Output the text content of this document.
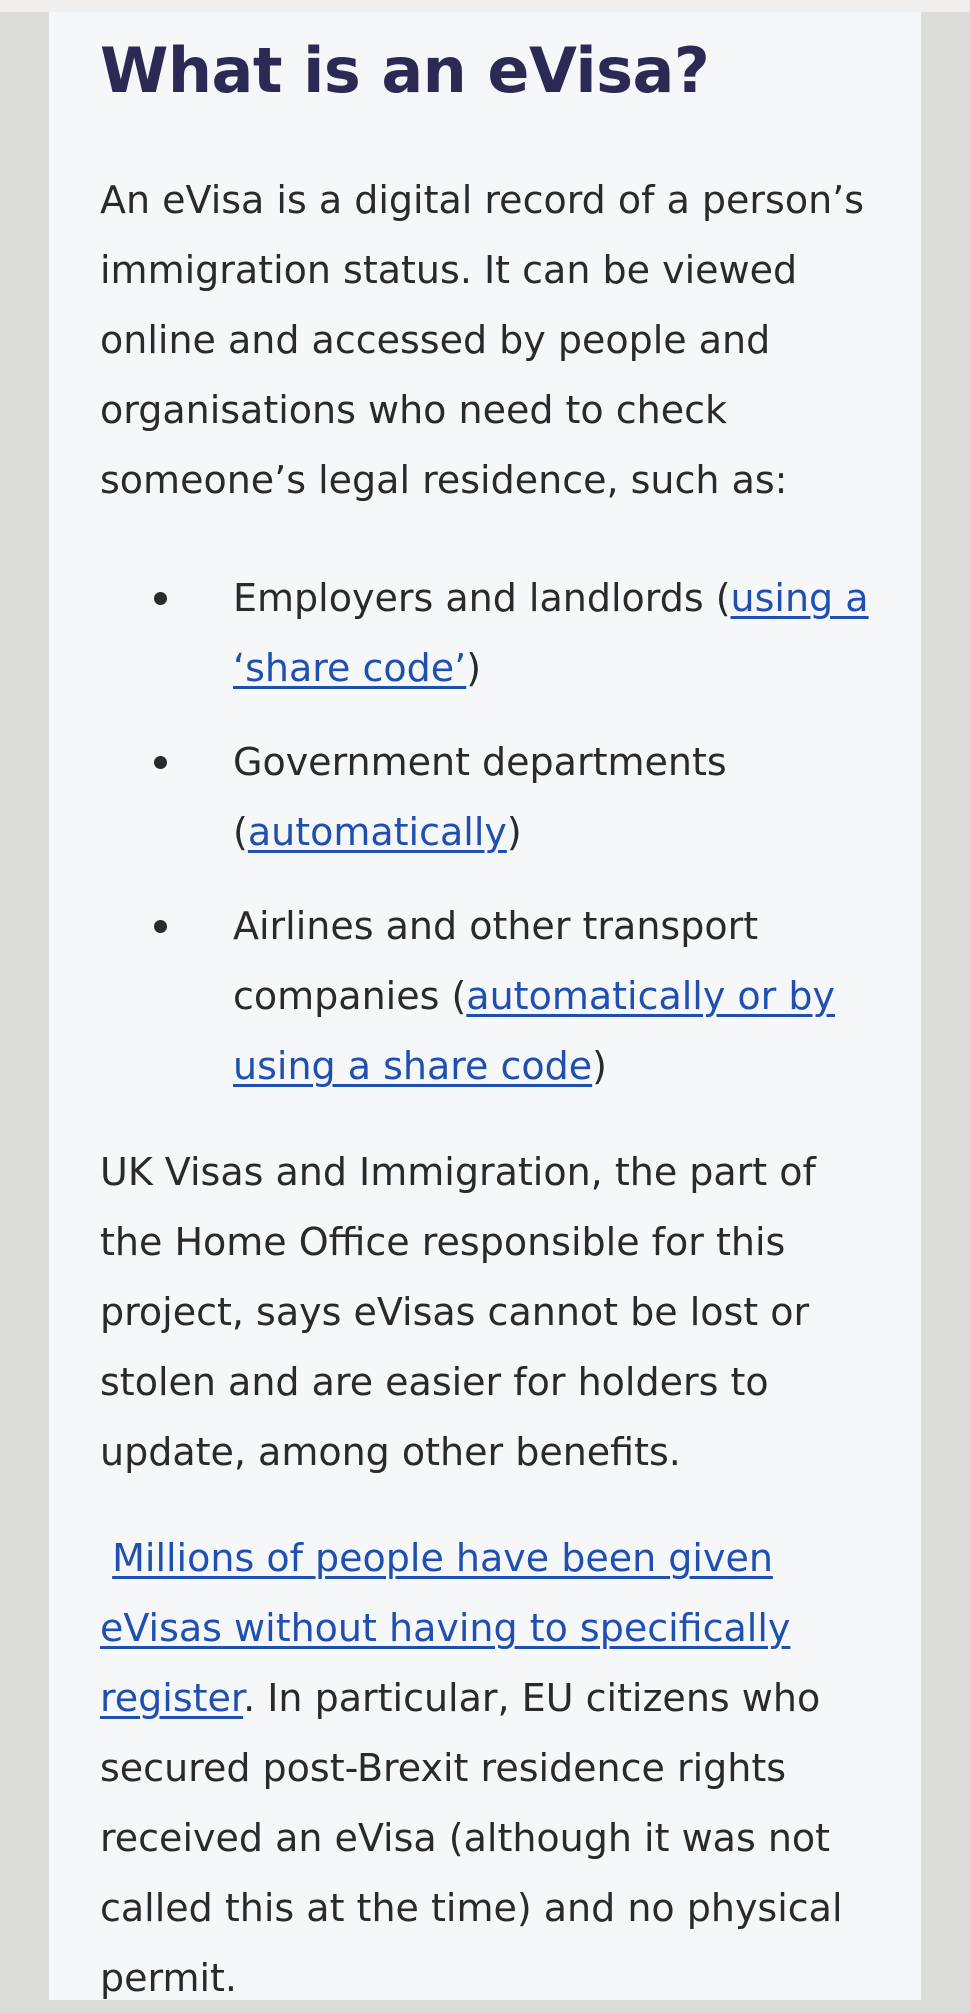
What is an eVisa?

An eVisa is a digital record of a person’s immigration status. It can be viewed online and accessed by people and organisations who need to check someone’s legal residence, such as:

Employers and landlords (using a ‘share code’)
Government departments (automatically)
Airlines and other transport companies (automatically or by using a share code)

UK Visas and Immigration, the part of the Home Office responsible for this project, says eVisas cannot be lost or stolen and are easier for holders to update, among other benefits.

Millions of people have been given eVisas without having to specifically register. In particular, EU citizens who secured post-Brexit residence rights received an eVisa (although it was not called this at the time) and no physical permit.
